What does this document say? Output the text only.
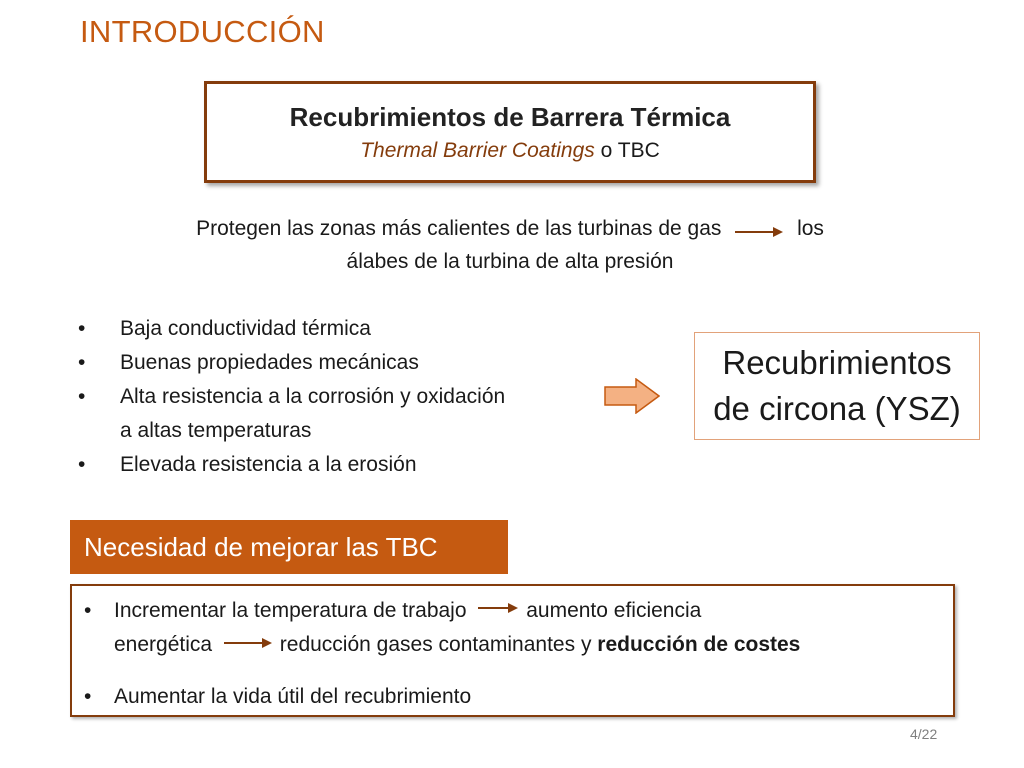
INTRODUCCIÓN
Recubrimientos de Barrera Térmica
Thermal Barrier Coatings o TBC
Protegen las zonas más calientes de las turbinas de gas	los
álabes de la turbina de alta presión
•	Baja conductividad térmica
•	Buenas propiedades mecánicas
•	Alta resistencia a la corrosión y oxidación
a altas temperaturas
•	Elevada resistencia a la erosión
Recubrimientos
de circona (YSZ)
Necesidad de mejorar las TBC
• Incrementar la temperatura de trabajo	aumento eficiencia
energética	reducción gases contaminantes y reducción de costes
• Aumentar la vida útil del recubrimiento
4/22
